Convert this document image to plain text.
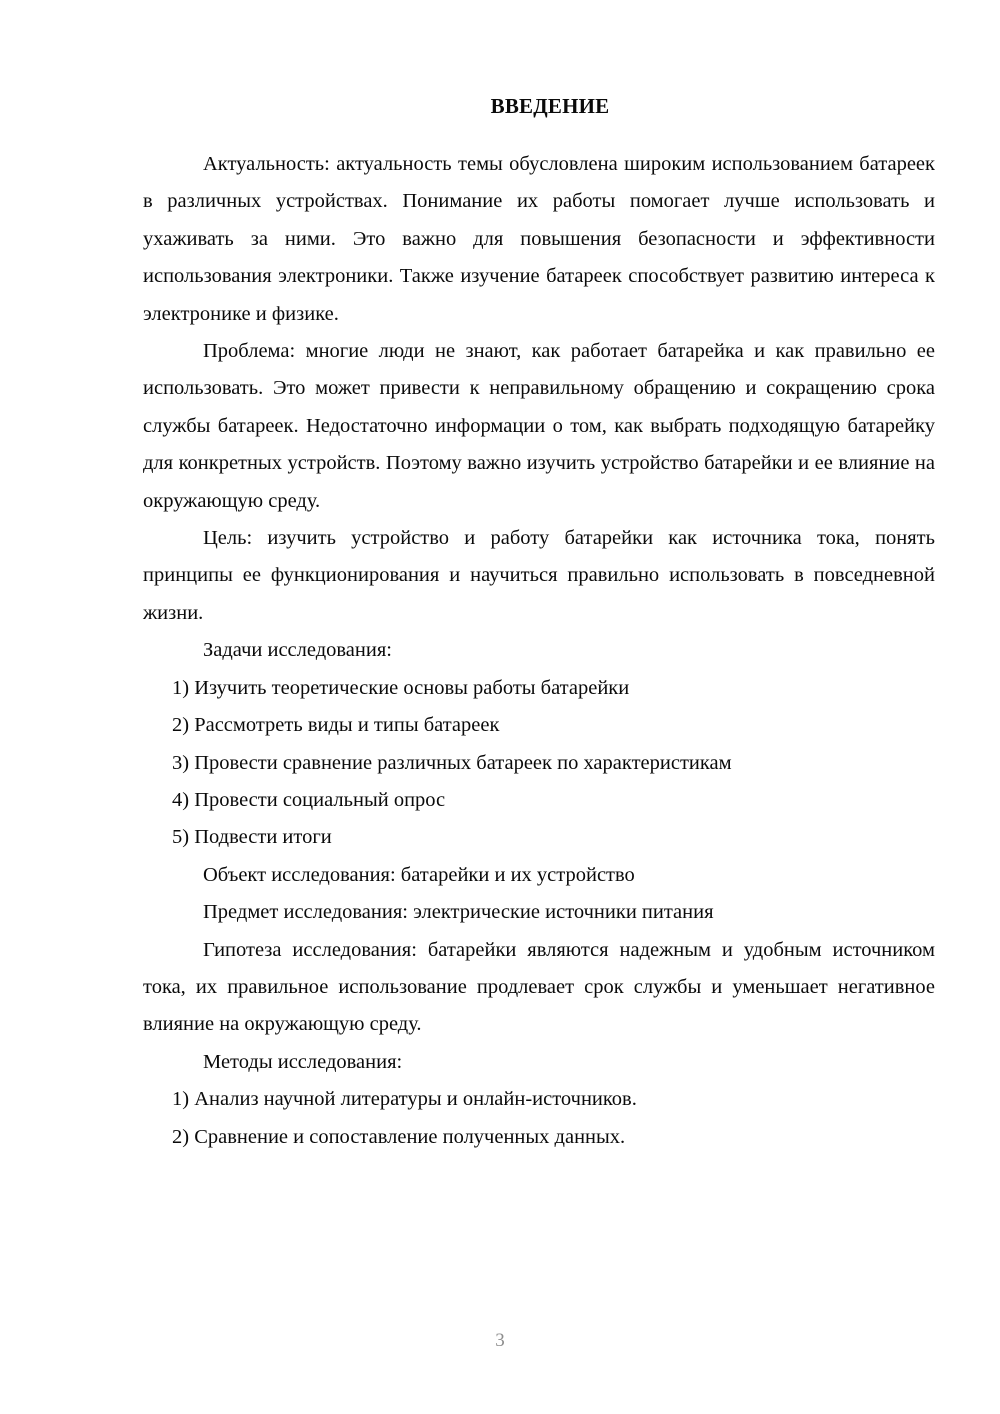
ВВЕДЕНИЕ

Актуальность: актуальность темы обусловлена широким использованием батареек в различных устройствах. Понимание их работы помогает лучше использовать и ухаживать за ними. Это важно для повышения безопасности и эффективности использования электроники. Также изучение батареек способствует развитию интереса к электронике и физике.

Проблема: многие люди не знают, как работает батарейка и как правильно ее использовать. Это может привести к неправильному обращению и сокращению срока службы батареек. Недостаточно информации о том, как выбрать подходящую батарейку для конкретных устройств. Поэтому важно изучить устройство батарейки и ее влияние на окружающую среду.

Цель: изучить устройство и работу батарейки как источника тока, понять принципы ее функционирования и научиться правильно использовать в повседневной жизни.

Задачи исследования:

1) Изучить теоретические основы работы батарейки

2) Рассмотреть виды и типы батареек

3) Провести сравнение различных батареек по характеристикам

4) Провести социальный опрос

5) Подвести итоги

Объект исследования: батарейки и их устройство

Предмет исследования: электрические источники питания

Гипотеза исследования: батарейки являются надежным и удобным источником тока, их правильное использование продлевает срок службы и уменьшает негативное влияние на окружающую среду.

Методы исследования:

1) Анализ научной литературы и онлайн-источников.

2) Сравнение и сопоставление полученных данных.

3
